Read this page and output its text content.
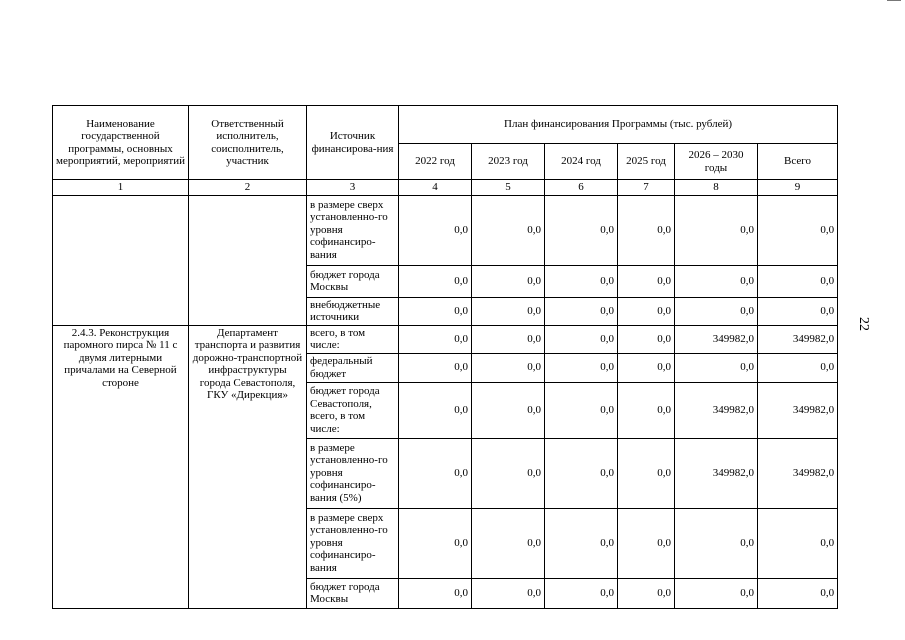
Наименование государственной программы, основных мероприятий, мероприятий	Ответственный исполнитель, соисполнитель, участник	Источник финансирова-ния	План финансирования Программы (тыс. рублей)					
			2022 год	2023 год	2024 год	2025 год	2026 – 2030 годы	Всего
1	2	3	4	5	6	7	8	9
		в размере сверх установленно-го уровня софинансиро-вания	0,0	0,0	0,0	0,0	0,0	0,0
		бюджет города Москвы	0,0	0,0	0,0	0,0	0,0	0,0
		внебюджетные источники	0,0	0,0	0,0	0,0	0,0	0,0
2.4.3. Реконструкция паромного пирса № 11 с двумя литерными причалами на Северной стороне	Департамент транспорта и развития дорожно-транспортной инфраструктуры города Севастополя, ГКУ «Дирекция»	всего, в том числе:	0,0	0,0	0,0	0,0	349982,0	349982,0
		федеральный бюджет	0,0	0,0	0,0	0,0	0,0	0,0
		бюджет города Севастополя, всего, в том числе:	0,0	0,0	0,0	0,0	349982,0	349982,0
		в размере установленно-го уровня софинансиро-вания (5%)	0,0	0,0	0,0	0,0	349982,0	349982,0
		в размере сверх установленно-го уровня софинансиро-вания	0,0	0,0	0,0	0,0	0,0	0,0
		бюджет города Москвы	0,0	0,0	0,0	0,0	0,0	0,0
22
